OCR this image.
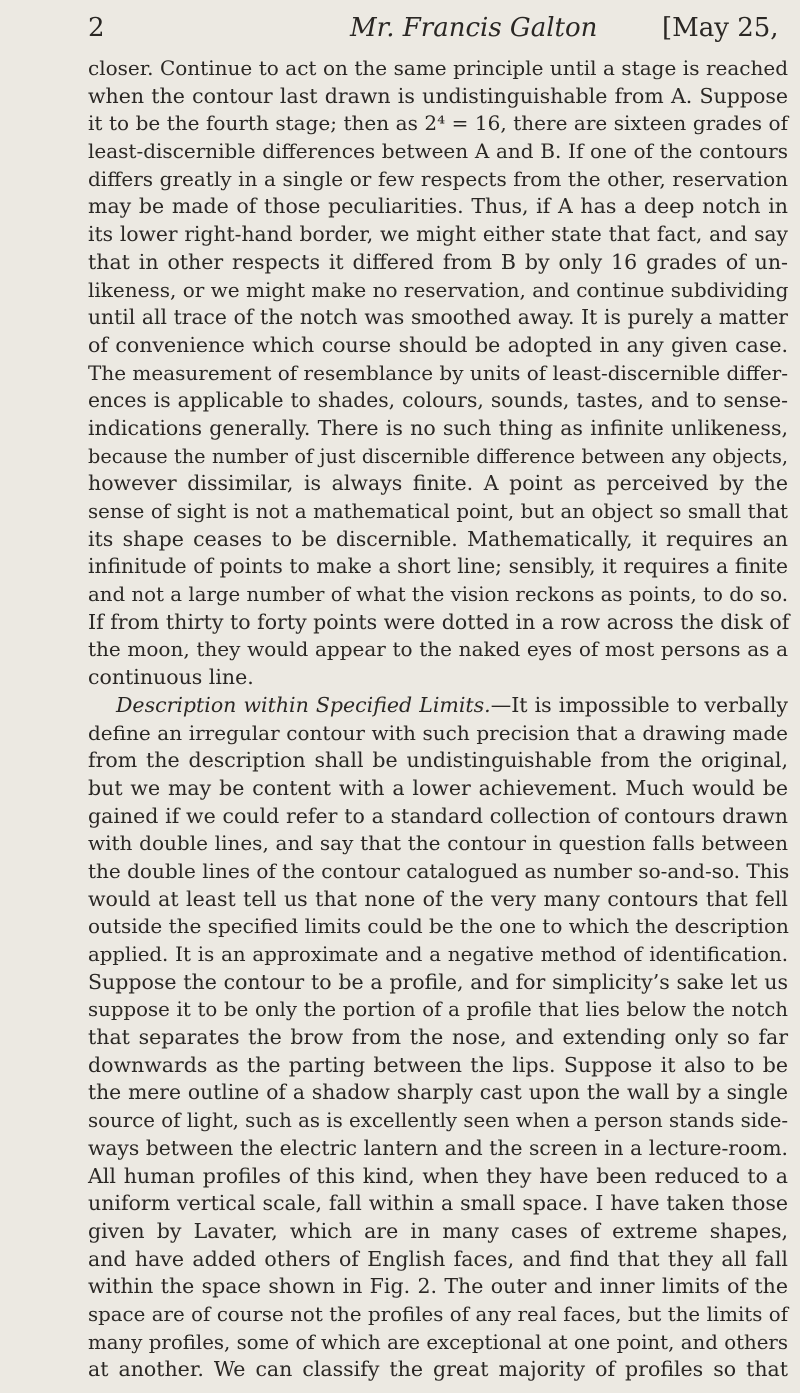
2	Mr. Francis Galton [May 25,
closer. Continue to act on the same principle until a stage is reached
when the contour last drawn is undistinguishable from A. Suppose
it to be the fourth stage; then as 2⁴ = 16, there are sixteen grades of
least-discernible differences between A and B. If one of the contours
differs greatly in a single or few respects from the other, reservation
may be made of those peculiarities. Thus, if A has a deep notch in
its lower right-hand border, we might either state that fact, and say
that in other respects it differed from B by only 16 grades of un-
likeness, or we might make no reservation, and continue subdividing
until all trace of the notch was smoothed away. It is purely a matter
of convenience which course should be adopted in any given case.
The measurement of resemblance by units of least-discernible differ-
ences is applicable to shades, colours, sounds, tastes, and to sense-
indications generally. There is no such thing as infinite unlikeness,
because the number of just discernible difference between any objects,
however dissimilar, is always finite. A point as perceived by the
sense of sight is not a mathematical point, but an object so small that
its shape ceases to be discernible. Mathematically, it requires an
infinitude of points to make a short line; sensibly, it requires a finite
and not a large number of what the vision reckons as points, to do so.
If from thirty to forty points were dotted in a row across the disk of
the moon, they would appear to the naked eyes of most persons as a
continuous line.
Description within Specified Limits.—It is impossible to verbally
define an irregular contour with such precision that a drawing made
from the description shall be undistinguishable from the original,
but we may be content with a lower achievement. Much would be
gained if we could refer to a standard collection of contours drawn
with double lines, and say that the contour in question falls between
the double lines of the contour catalogued as number so-and-so. This
would at least tell us that none of the very many contours that fell
outside the specified limits could be the one to which the description
applied. It is an approximate and a negative method of identification.
Suppose the contour to be a profile, and for simplicity’s sake let us
suppose it to be only the portion of a profile that lies below the notch
that separates the brow from the nose, and extending only so far
downwards as the parting between the lips. Suppose it also to be
the mere outline of a shadow sharply cast upon the wall by a single
source of light, such as is excellently seen when a person stands side-
ways between the electric lantern and the screen in a lecture-room.
All human profiles of this kind, when they have been reduced to a
uniform vertical scale, fall within a small space. I have taken those
given by Lavater, which are in many cases of extreme shapes,
and have added others of English faces, and find that they all fall
within the space shown in Fig. 2. The outer and inner limits of the
space are of course not the profiles of any real faces, but the limits of
many profiles, some of which are exceptional at one point, and others
at another. We can classify the great majority of profiles so that
